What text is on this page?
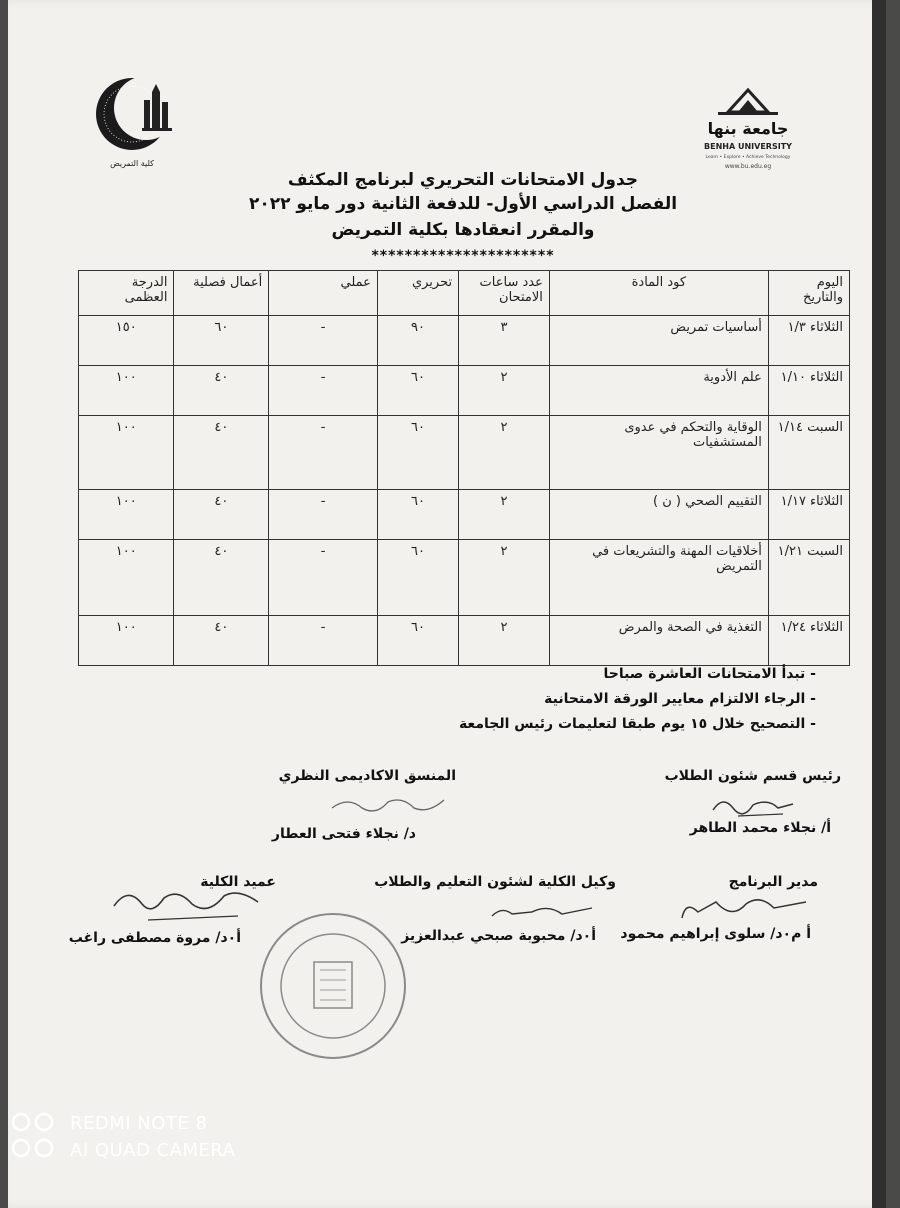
جامعة بنها
BENHA UNIVERSITY
Learn • Explore • Achieve Technology
www.bu.edu.eg
كلية التمريض
جدول الامتحانات التحريري لبرنامج المكثف
الفصل الدراسي الأول- للدفعة الثانية دور مايو ٢٠٢٢
والمقرر انعقادها بكلية التمريض
**********************
اليوم والتاريخ	كود المادة	عدد ساعات الامتحان	تحريري	عملي	أعمال فصلية	الدرجة العظمى
الثلاثاء ١/٣	أساسيات تمريض	٣	٩٠	-	٦٠	١٥٠
الثلاثاء ١/١٠	علم الأدوية	٢	٦٠	-	٤٠	١٠٠
السبت ١/١٤	الوقاية والتحكم في عدوى المستشفيات	٢	٦٠	-	٤٠	١٠٠
الثلاثاء ١/١٧	التقييم الصحي ( ن )	٢	٦٠	-	٤٠	١٠٠
السبت ١/٢١	أخلاقيات المهنة والتشريعات في التمريض	٢	٦٠	-	٤٠	١٠٠
الثلاثاء ١/٢٤	التغذية في الصحة والمرض	٢	٦٠	-	٤٠	١٠٠
- تبدأ الامتحانات العاشرة صباحا
- الرجاء الالتزام معايير الورقة الامتحانية
- التصحيح خلال ١٥ يوم طبقا لتعليمات رئيس الجامعة
رئيس قسم شئون الطلاب
أ/ نجلاء محمد الطاهر
المنسق الاكاديمى النظري
د/ نجلاء فتحى العطار
مدير البرنامج
أ م٠د/ سلوى إبراهيم محمود
وكيل الكلية لشئون التعليم والطلاب
أ٠د/ محبوبة صبحي عبدالعزيز
عميد الكلية
أ٠د/ مروة مصطفى راغب
REDMI NOTE 8
AI QUAD CAMERA
